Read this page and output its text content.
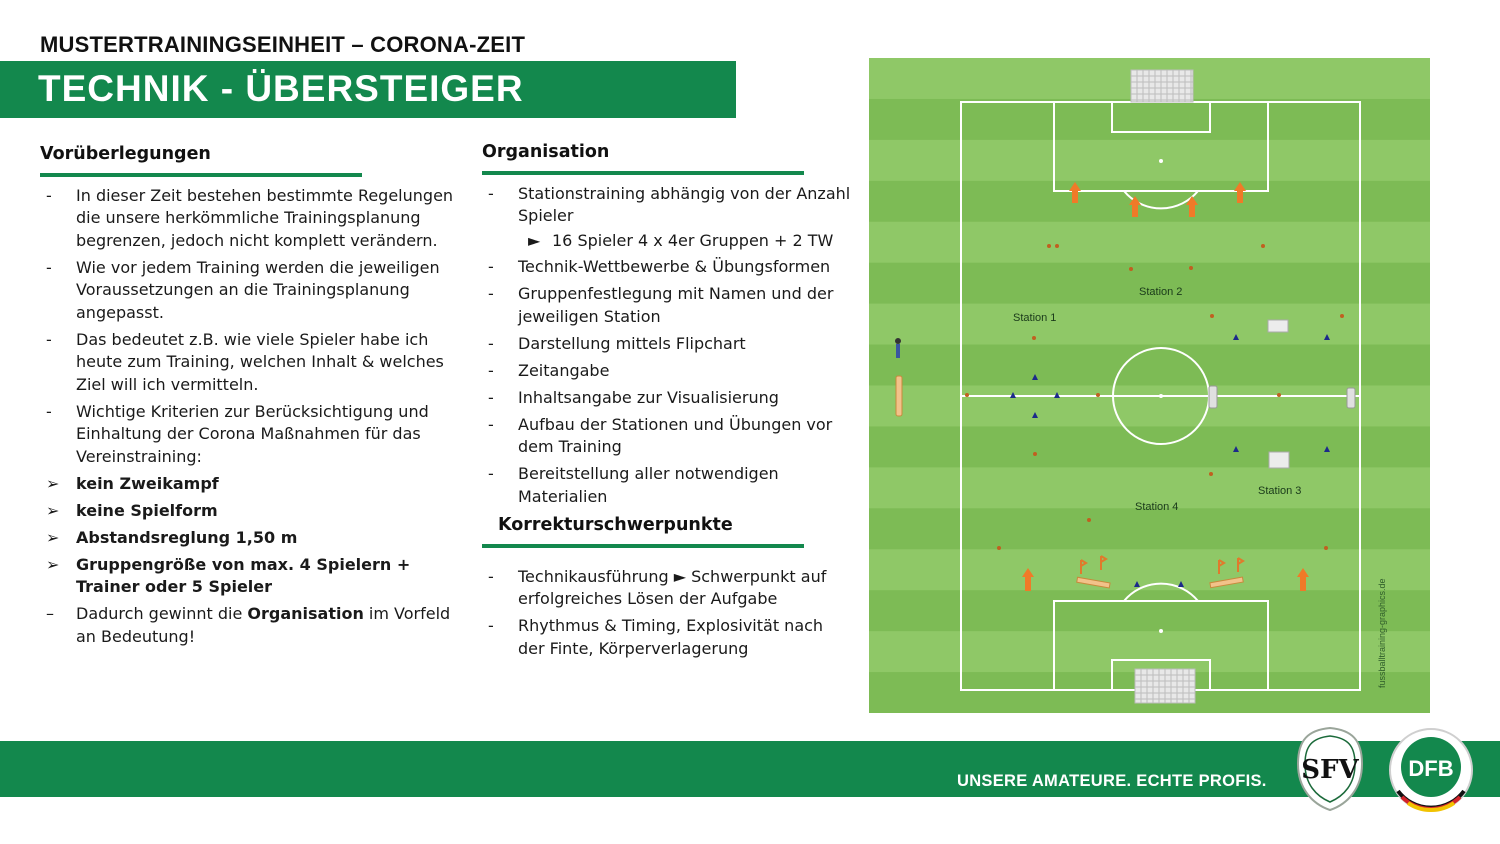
MUSTERTRAININGSEINHEIT – CORONA-ZEIT
TECHNIK - ÜBERSTEIGER
Vorüberlegungen
- In dieser Zeit bestehen bestimmte Regelungen die unsere herkömmliche Trainingsplanung begrenzen, jedoch nicht komplett verändern.
- Wie vor jedem Training werden die jeweiligen Voraussetzungen an die Trainingsplanung angepasst.
- Das bedeutet z.B. wie viele Spieler habe ich heute zum Training, welchen Inhalt & welches Ziel will ich vermitteln.
- Wichtige Kriterien zur Berücksichtigung und Einhaltung der Corona Maßnahmen für das Vereinstraining:
➢ kein Zweikampf
➢ keine Spielform
➢ Abstandsreglung 1,50 m
➢ Gruppengröße von max. 4 Spielern + Trainer oder 5 Spieler
– Dadurch gewinnt die Organisation im Vorfeld an Bedeutung!
Organisation
- Stationstraining abhängig von der Anzahl Spieler
► 16 Spieler 4 x 4er Gruppen + 2 TW
- Technik-Wettbewerbe & Übungsformen
- Gruppenfestlegung mit Namen und der jeweiligen Station
- Darstellung mittels Flipchart
- Zeitangabe
- Inhaltsangabe zur Visualisierung
- Aufbau der Stationen und Übungen vor dem Training
- Bereitstellung aller notwendigen Materialien
Korrekturschwerpunkte
- Technikausführung ► Schwerpunkt auf erfolgreiches Lösen der Aufgabe
- Rhythmus & Timing, Explosivität nach der Finte, Körperverlagerung
Station 1
Station 2
Station 3
Station 4
fussballtraining-graphics.de
UNSERE AMATEURE. ECHTE PROFIS. SFV DFB
